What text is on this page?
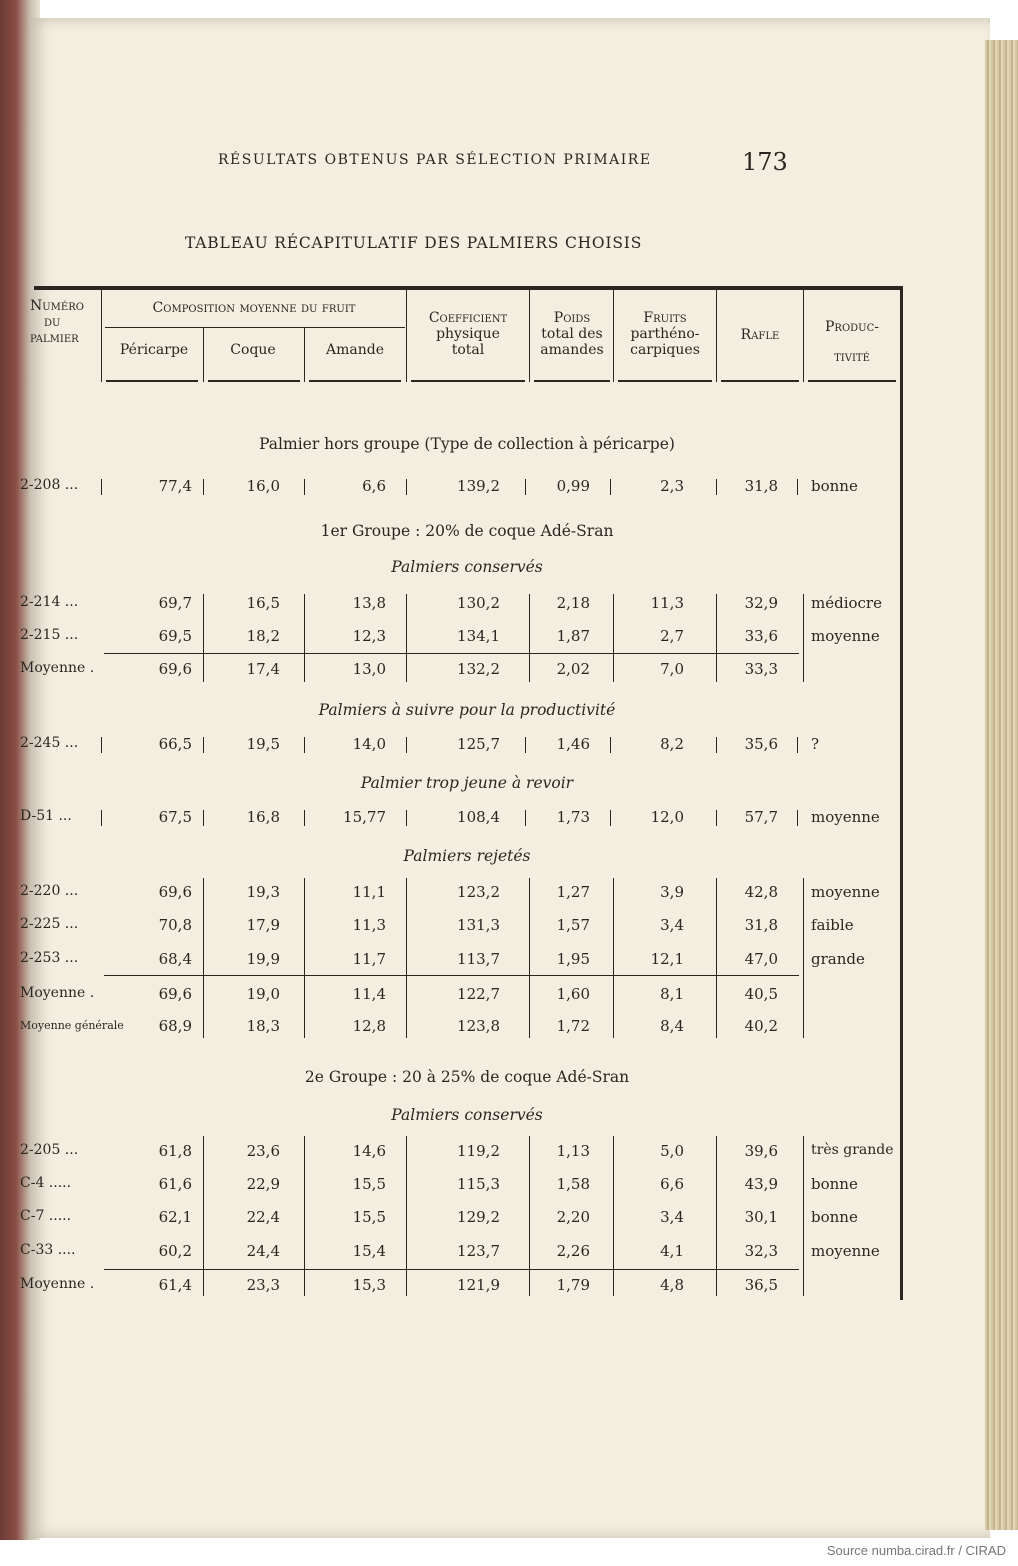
RÉSULTATS OBTENUS PAR SÉLECTION PRIMAIRE	173
TABLEAU RÉCAPITULATIF DES PALMIERS CHOISIS
Numéro
du
palmier
Composition moyenne du fruit
Péricarpe	Coque	Amande
Coefficient
physique
total
Poids
total des
amandes
Fruits
parthéno-
carpiques
Rafle	Produc-
tivité
Palmier hors groupe (Type de collection à péricarpe)
1er Groupe : 20% de coque Adé-Sran
Palmiers conservés
Palmiers à suivre pour la productivité
Palmier trop jeune à revoir
Palmiers rejetés
2e Groupe : 20 à 25% de coque Adé-Sran
Palmiers conservés
2-208 ...	77,4	16,0	6,6	139,2	0,99	2,3	31,8 bonne
2-214 ...	69,7	16,5	13,8	130,2	2,18	11,3	32,9 médiocre
2-215 ...	69,5	18,2	12,3	134,1	1,87	2,7	33,6 moyenne
Moyenne .	69,6	17,4	13,0	132,2	2,02	7,0	33,3
2-245 ...	66,5	19,5	14,0	125,7	1,46	8,2	35,6 ?
D-51 ...	67,5	16,8	15,77	108,4	1,73	12,0	57,7 moyenne
2-220 ...	69,6	19,3	11,1	123,2	1,27	3,9	42,8 moyenne
2-225 ...	70,8	17,9	11,3	131,3	1,57	3,4	31,8 faible
2-253 ...	68,4	19,9	11,7	113,7	1,95	12,1	47,0 grande
Moyenne .	69,6	19,0	11,4	122,7	1,60	8,1	40,5
Moyenne générale	68,9	18,3	12,8	123,8	1,72	8,4	40,2
2-205 ...	61,8	23,6	14,6	119,2	1,13	5,0	39,6 très grande
C-4 .....	61,6	22,9	15,5	115,3	1,58	6,6	43,9 bonne
C-7 .....	62,1	22,4	15,5	129,2	2,20	3,4	30,1 bonne
C-33 ....	60,2	24,4	15,4	123,7	2,26	4,1	32,3 moyenne
Moyenne .	61,4	23,3	15,3	121,9	1,79	4,8	36,5
Source numba.cirad.fr / CIRAD
